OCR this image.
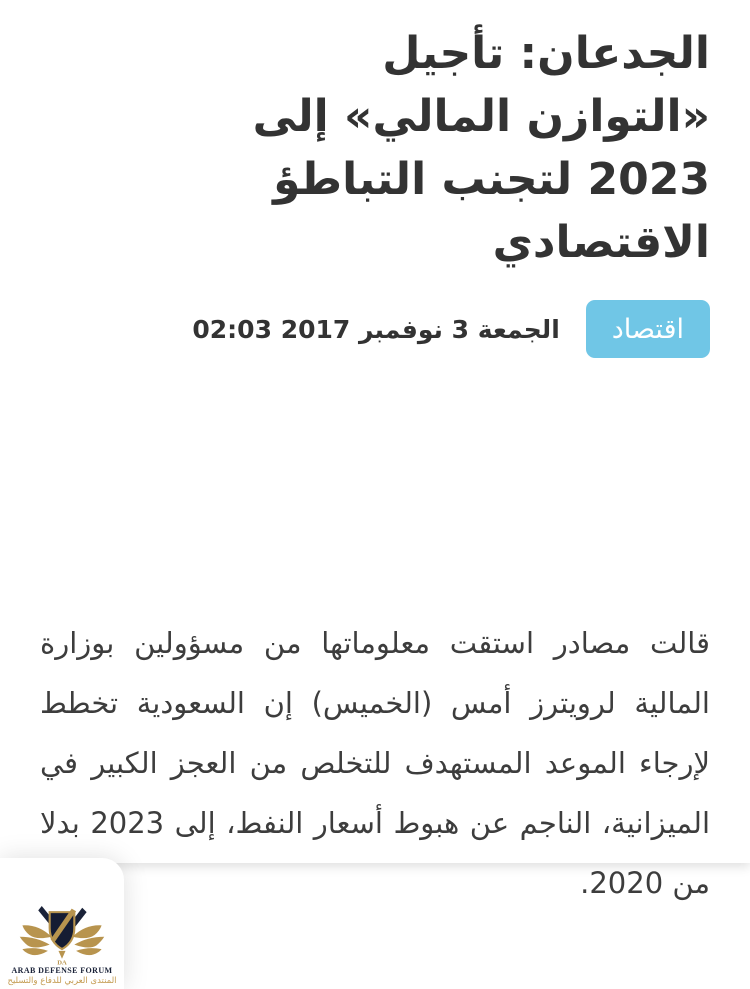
الجدعان: تأجيل «التوازن المالي» إلى 2023 لتجنب التباطؤ الاقتصادي
اقتصاد
الجمعة 3 نوفمبر 2017 02:03

قالت مصادر استقت معلوماتها من مسؤولين بوزارة المالية لرويترز أمس (الخميس) إن السعودية تخطط لإرجاء الموعد المستهدف للتخلص من العجز الكبير في الميزانية، الناجم عن هبوط أسعار النفط، إلى 2023 بدلا من 2020.

DA
ARAB DEFENSE FORUM
المنتدى العربي للدفاع والتسليح
